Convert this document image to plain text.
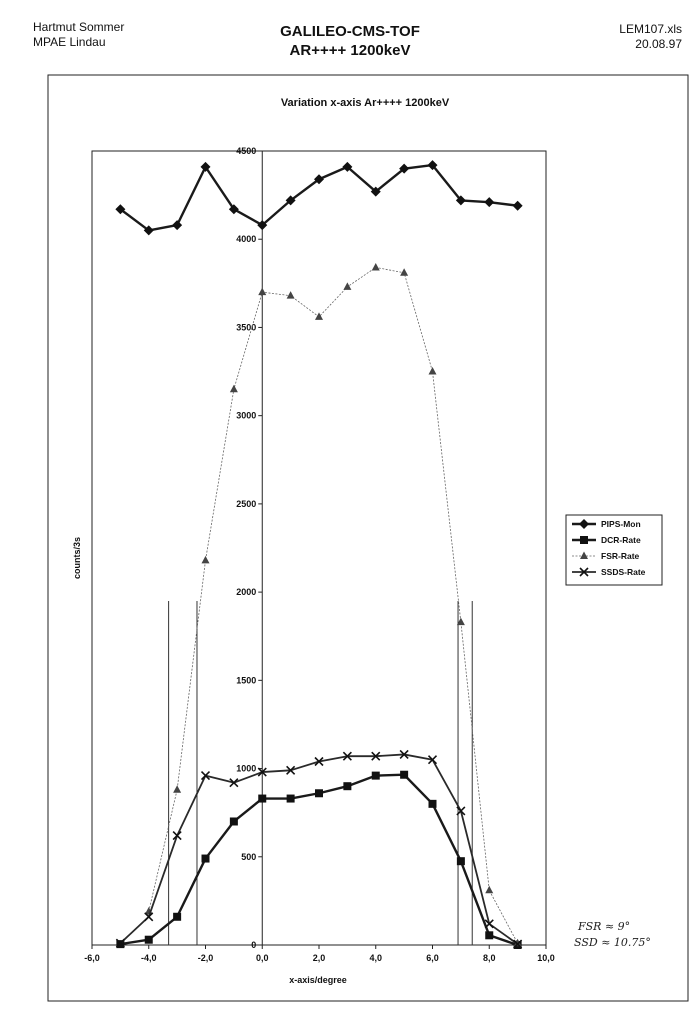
Hartmut Sommer
MPAE Lindau
GALILEO-CMS-TOF
AR++++ 1200keV
LEM107.xls
20.08.97
Variation x-axis Ar++++ 1200keV
-6,0	-4,0	-2,0	0,0	2,0	4,0	6,0	8,0	10,0
0
500
1000
1500
2000
2500
3000
3500
4000
4500
x-axis/degree
counts/3s
PIPS-Mon
DCR-Rate
FSR-Rate
SSDS-Rate
FSR ≈ 9°
SSD ≈ 10.75°
